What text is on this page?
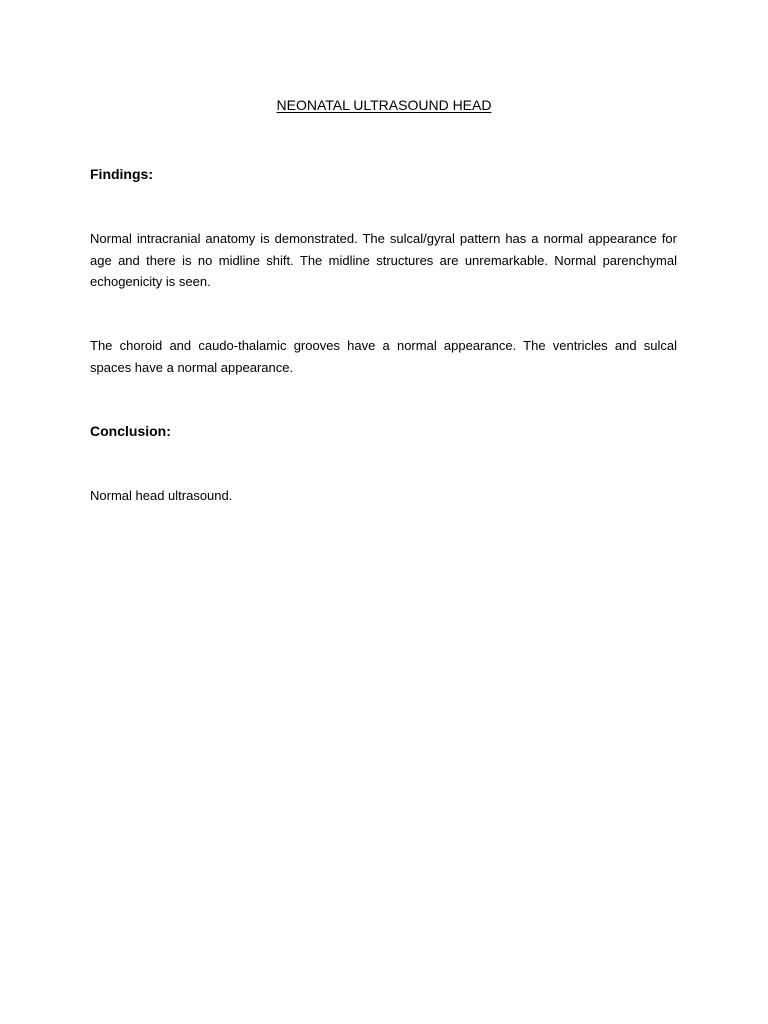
NEONATAL ULTRASOUND HEAD
Findings:
Normal intracranial anatomy is demonstrated. The sulcal/gyral pattern has a normal appearance for age and there is no midline shift. The midline structures are unremarkable. Normal parenchymal echogenicity is seen.
The choroid and caudo-thalamic grooves have a normal appearance. The ventricles and sulcal spaces have a normal appearance.
Conclusion:
Normal head ultrasound.
